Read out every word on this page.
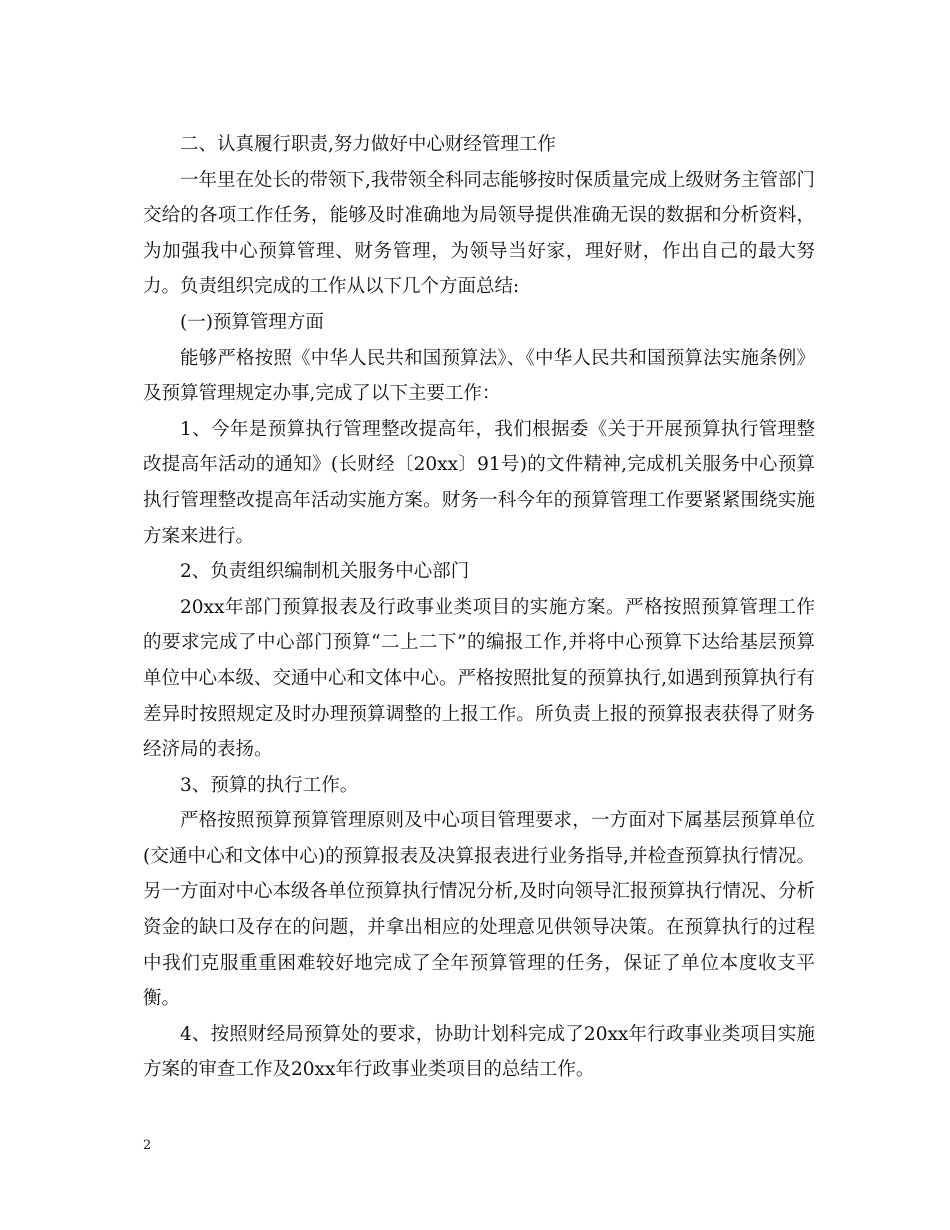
二、认真履行职责,努力做好中心财经管理工作

一年里在处长的带领下,我带领全科同志能够按时保质量完成上级财务主管部门交给的各项工作任务，能够及时准确地为局领导提供准确无误的数据和分析资料，为加强我中心预算管理、财务管理，为领导当好家，理好财，作出自己的最大努力。负责组织完成的工作从以下几个方面总结:

(一)预算管理方面

能够严格按照《中华人民共和国预算法》、《中华人民共和国预算法实施条例》及预算管理规定办事,完成了以下主要工作：

1、今年是预算执行管理整改提高年，我们根据委《关于开展预算执行管理整改提高年活动的通知》(长财经〔20xx〕91号)的文件精神,完成机关服务中心预算执行管理整改提高年活动实施方案。财务一科今年的预算管理工作要紧紧围绕实施方案来进行。

2、负责组织编制机关服务中心部门

20xx年部门预算报表及行政事业类项目的实施方案。严格按照预算管理工作的要求完成了中心部门预算“二上二下”的编报工作,并将中心预算下达给基层预算单位中心本级、交通中心和文体中心。严格按照批复的预算执行,如遇到预算执行有差异时按照规定及时办理预算调整的上报工作。所负责上报的预算报表获得了财务经济局的表扬。

3、预算的执行工作。

严格按照预算预算管理原则及中心项目管理要求，一方面对下属基层预算单位(交通中心和文体中心)的预算报表及决算报表进行业务指导,并检查预算执行情况。另一方面对中心本级各单位预算执行情况分析,及时向领导汇报预算执行情况、分析资金的缺口及存在的问题，并拿出相应的处理意见供领导决策。在预算执行的过程中我们克服重重困难较好地完成了全年预算管理的任务，保证了单位本度收支平衡。

4、按照财经局预算处的要求，协助计划科完成了20xx年行政事业类项目实施方案的审查工作及20xx年行政事业类项目的总结工作。

2
